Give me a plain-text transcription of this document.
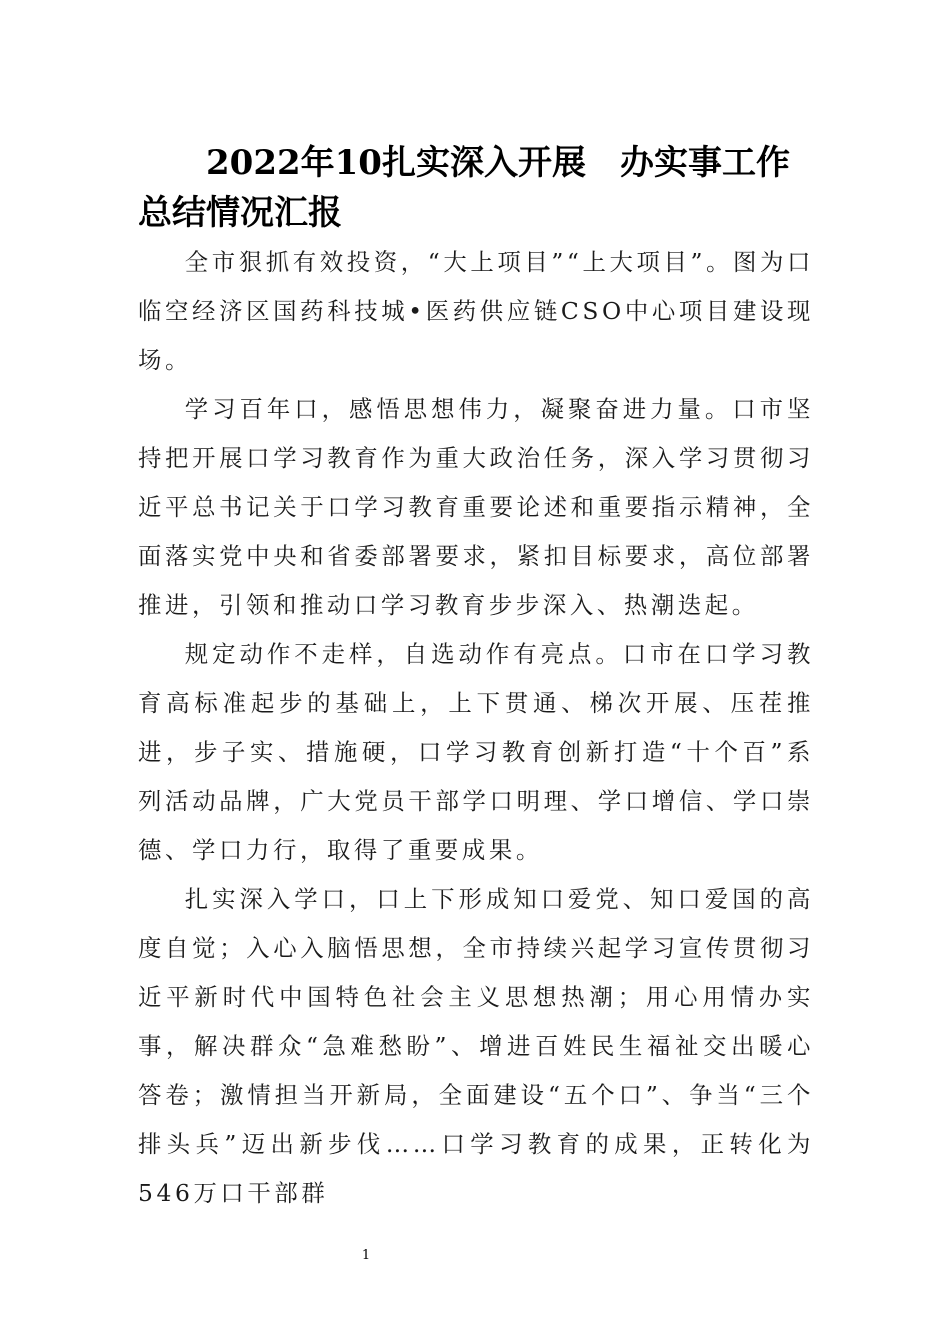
2022年10扎实深入开展　办实事工作总结情况汇报

全市狠抓有效投资，“大上项目”“上大项目”。图为口临空经济区国药科技城•医药供应链CSO中心项目建设现场。

学习百年口，感悟思想伟力，凝聚奋进力量。口市坚持把开展口学习教育作为重大政治任务，深入学习贯彻习近平总书记关于口学习教育重要论述和重要指示精神，全面落实党中央和省委部署要求，紧扣目标要求，高位部署推进，引领和推动口学习教育步步深入、热潮迭起。

规定动作不走样，自选动作有亮点。口市在口学习教育高标准起步的基础上，上下贯通、梯次开展、压茬推进，步子实、措施硬，口学习教育创新打造“十个百”系列活动品牌，广大党员干部学口明理、学口增信、学口崇德、学口力行，取得了重要成果。

扎实深入学口，口上下形成知口爱党、知口爱国的高度自觉；入心入脑悟思想，全市持续兴起学习宣传贯彻习近平新时代中国特色社会主义思想热潮；用心用情办实事，解决群众“急难愁盼”、增进百姓民生福祉交出暖心答卷；激情担当开新局，全面建设“五个口”、争当“三个排头兵”迈出新步伐……口学习教育的成果，正转化为546万口干部群

1
